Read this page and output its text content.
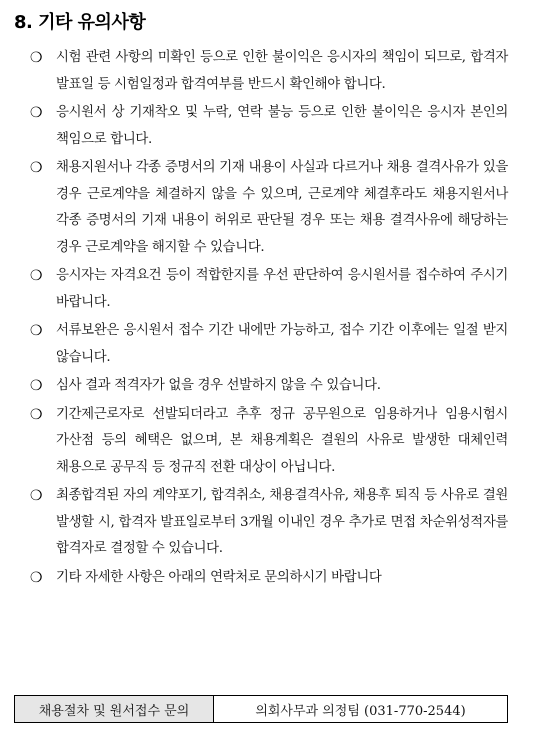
8. 기타 유의사항
❍	시험 관련 사항의 미확인 등으로 인한 불이익은 응시자의 책임이 되므로, 합격자 발표일 등 시험일정과 합격여부를 반드시 확인해야 합니다.
❍	응시원서 상 기재착오 및 누락, 연락 불능 등으로 인한 불이익은 응시자 본인의 책임으로 합니다.
❍	채용지원서나 각종 증명서의 기재 내용이 사실과 다르거나 채용 결격사유가 있을 경우 근로계약을 체결하지 않을 수 있으며, 근로계약 체결후라도 채용지원서나 각종 증명서의 기재 내용이 허위로 판단될 경우 또는 채용 결격사유에 해당하는 경우 근로계약을 해지할 수 있습니다.
❍	응시자는 자격요건 등이 적합한지를 우선 판단하여 응시원서를 접수하여 주시기 바랍니다.
❍	서류보완은 응시원서 접수 기간 내에만 가능하고, 접수 기간 이후에는 일절 받지 않습니다.
❍	심사 결과 적격자가 없을 경우 선발하지 않을 수 있습니다.
❍	기간제근로자로 선발되더라고 추후 정규 공무원으로 임용하거나 임용시험시 가산점 등의 혜택은 없으며, 본 채용계획은 결원의 사유로 발생한 대체인력 채용으로 공무직 등 정규직 전환 대상이 아닙니다.
❍	최종합격된 자의 계약포기, 합격취소, 채용결격사유, 채용후 퇴직 등 사유로 결원 발생할 시, 합격자 발표일로부터 3개월 이내인 경우 추가로 면접 차순위성적자를 합격자로 결정할 수 있습니다.
❍	기타 자세한 사항은 아래의 연락처로 문의하시기 바랍니다
채용절차 및 원서접수 문의	의회사무과 의정팀 (031-770-2544)
